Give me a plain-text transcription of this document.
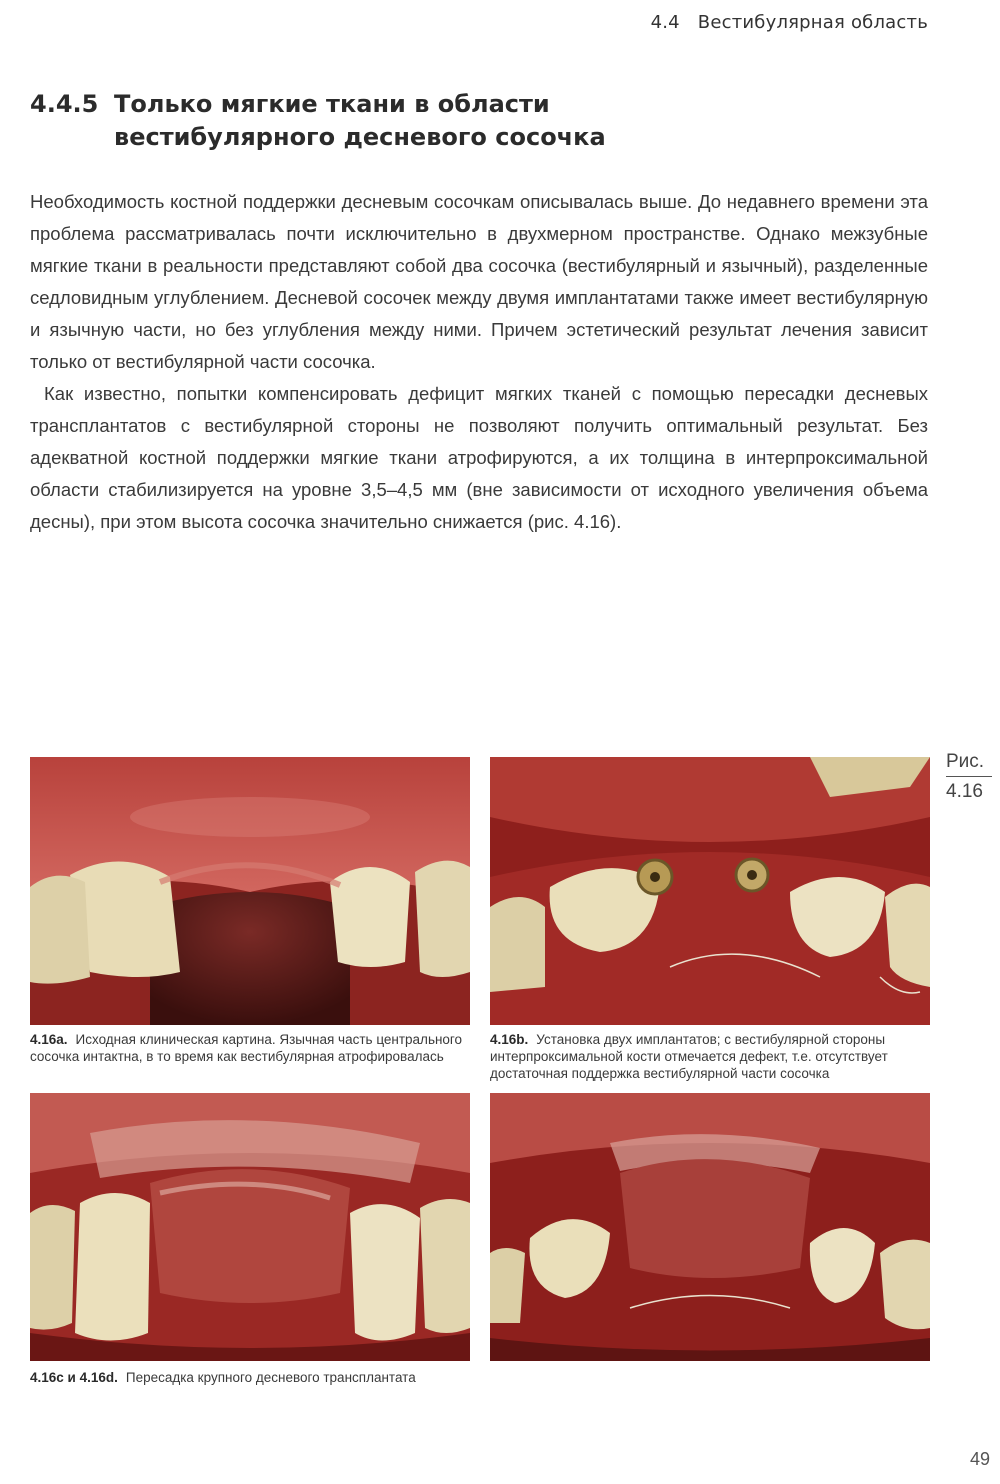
4.4 Вестибулярная область
4.4.5 Только мягкие ткани в области
вестибулярного десневого сосочка

Необходимость костной поддержки десневым сосочкам описывалась выше. До недавнего времени эта проблема рассматривалась почти исключительно в двухмерном пространстве. Однако межзубные мягкие ткани в реальности представляют собой два сосочка (вестибулярный и язычный), разделенные седловидным углублением. Десневой сосочек между двумя имплантатами также имеет вестибулярную и язычную части, но без углубления между ними. Причем эстетический результат лечения зависит только от вестибулярной части сосочка.

Как известно, попытки компенсировать дефицит мягких тканей с помощью пересадки десневых трансплантатов с вестибулярной стороны не позволяют получить оптимальный результат. Без адекватной костной поддержки мягкие ткани атрофируются, а их толщина в интерпроксимальной области стабилизируется на уровне 3,5–4,5 мм (вне зависимости от исходного увеличения объема десны), при этом высота сосочка значительно снижается (рис. 4.16).

Рис.
4.16
4.16a. Исходная клиническая картина. Язычная часть центрального сосочка интактна, в то время как вестибулярная атрофировалась
4.16b. Установка двух имплантатов; с вестибулярной стороны интерпроксимальной кости отмечается дефект, т.е. отсутствует достаточная поддержка вестибулярной части сосочка
4.16c и 4.16d. Пересадка крупного десневого трансплантата
49
